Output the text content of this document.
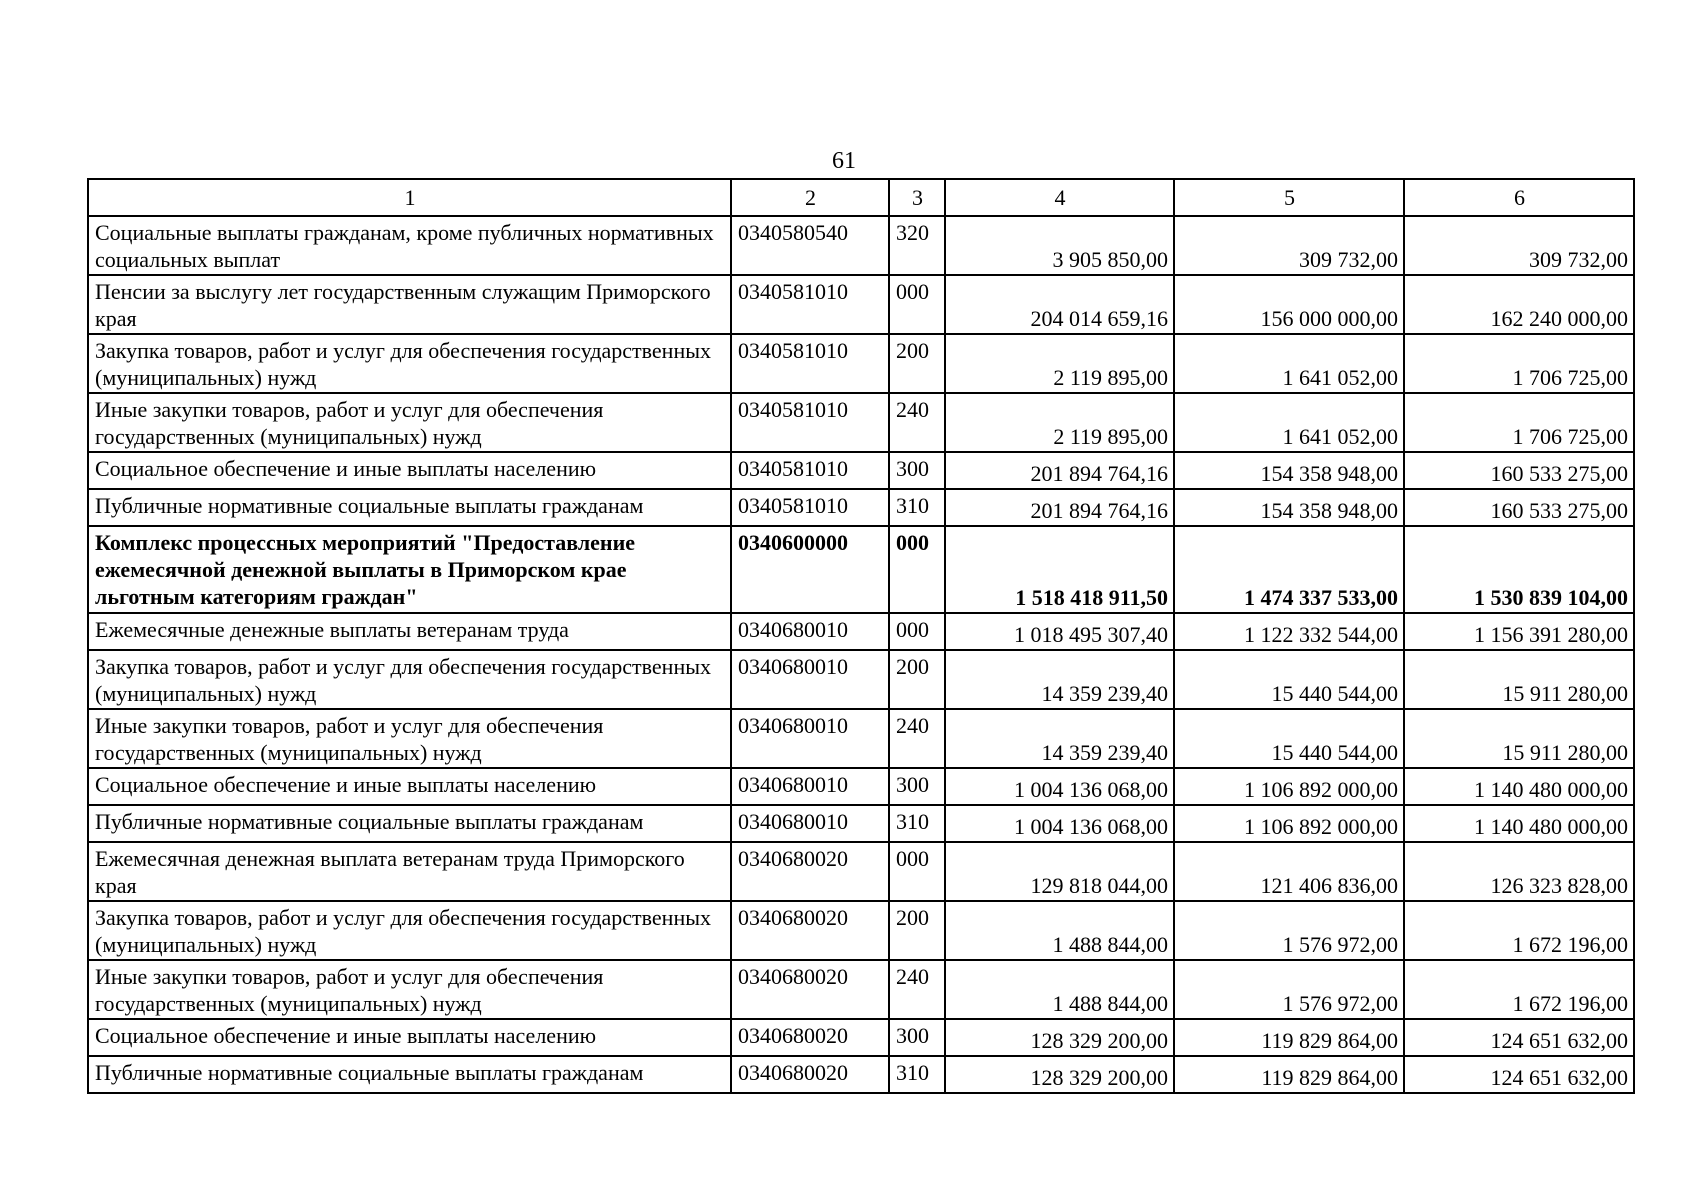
61
1	2	3	4	5	6
Социальные выплаты гражданам, кроме публичных нормативных социальных выплат	0340580540	320	3 905 850,00	309 732,00	309 732,00
Пенсии за выслугу лет государственным служащим Приморского края	0340581010	000	204 014 659,16	156 000 000,00	162 240 000,00
Закупка товаров, работ и услуг для обеспечения государственных (муниципальных) нужд	0340581010	200	2 119 895,00	1 641 052,00	1 706 725,00
Иные закупки товаров, работ и услуг для обеспечения государственных (муниципальных) нужд	0340581010	240	2 119 895,00	1 641 052,00	1 706 725,00
Социальное обеспечение и иные выплаты населению	0340581010	300	201 894 764,16	154 358 948,00	160 533 275,00
Публичные нормативные социальные выплаты гражданам	0340581010	310	201 894 764,16	154 358 948,00	160 533 275,00
Комплекс процессных мероприятий "Предоставление ежемесячной денежной выплаты в Приморском крае льготным категориям граждан"	0340600000	000	1 518 418 911,50	1 474 337 533,00	1 530 839 104,00
Ежемесячные денежные выплаты ветеранам труда	0340680010	000	1 018 495 307,40	1 122 332 544,00	1 156 391 280,00
Закупка товаров, работ и услуг для обеспечения государственных (муниципальных) нужд	0340680010	200	14 359 239,40	15 440 544,00	15 911 280,00
Иные закупки товаров, работ и услуг для обеспечения государственных (муниципальных) нужд	0340680010	240	14 359 239,40	15 440 544,00	15 911 280,00
Социальное обеспечение и иные выплаты населению	0340680010	300	1 004 136 068,00	1 106 892 000,00	1 140 480 000,00
Публичные нормативные социальные выплаты гражданам	0340680010	310	1 004 136 068,00	1 106 892 000,00	1 140 480 000,00
Ежемесячная денежная выплата ветеранам труда Приморского края	0340680020	000	129 818 044,00	121 406 836,00	126 323 828,00
Закупка товаров, работ и услуг для обеспечения государственных (муниципальных) нужд	0340680020	200	1 488 844,00	1 576 972,00	1 672 196,00
Иные закупки товаров, работ и услуг для обеспечения государственных (муниципальных) нужд	0340680020	240	1 488 844,00	1 576 972,00	1 672 196,00
Социальное обеспечение и иные выплаты населению	0340680020	300	128 329 200,00	119 829 864,00	124 651 632,00
Публичные нормативные социальные выплаты гражданам	0340680020	310	128 329 200,00	119 829 864,00	124 651 632,00
